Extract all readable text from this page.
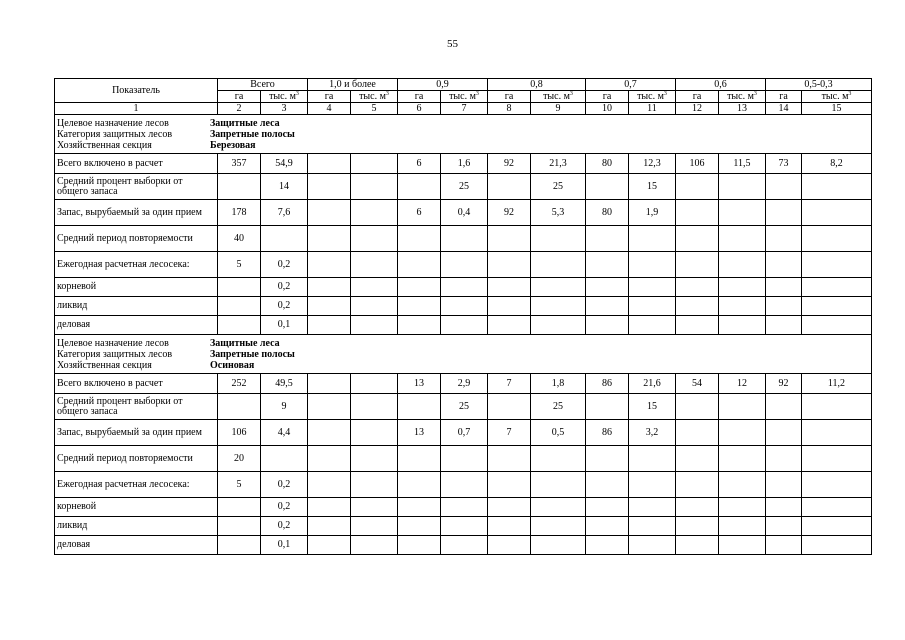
55
Показатель	Всего		1,0 и более		0,9		0,8		0,7		0,6		0,5-0,3	
	га	тыс. $м^3$	га	тыс. $м^3$	га	тыс. $м^3$	га	тыс. $м^3$	га	тыс. $м^3$	га	тыс. $м^3$	га	тыс. $м^3$
1	2	3	4	5	6	7	8	9	10	11	12	13	14	15

Целевое назначение лесов Защитные леса
Категория защитных лесов Запретные полосы
Хозяйственная секция Березовая														

Всего включено в расчет	357	54,9			6	1,6	92	21,3	80	12,3	106	11,5	73	8,2
Средний процент выборки от общего запаса		14				25		25		15				
Запас, вырубаемый за один прием	178	7,6			6	0,4	92	5,3	80	1,9				
Средний период повторяемости	40													
Ежегодная расчетная лесосека:	5	0,2												
корневой		0,2												
ликвид		0,2												
деловая		0,1												

Целевое назначение лесов Защитные леса
Категория защитных лесов Запретные полосы
Хозяйственная секция Осиновая														

Всего включено в расчет	252	49,5			13	2,9	7	1,8	86	21,6	54	12	92	11,2
Средний процент выборки от общего запаса		9				25		25		15				
Запас, вырубаемый за один прием	106	4,4			13	0,7	7	0,5	86	3,2				
Средний период повторяемости	20													
Ежегодная расчетная лесосека:	5	0,2												
корневой		0,2												
ликвид		0,2												
деловая		0,1												
